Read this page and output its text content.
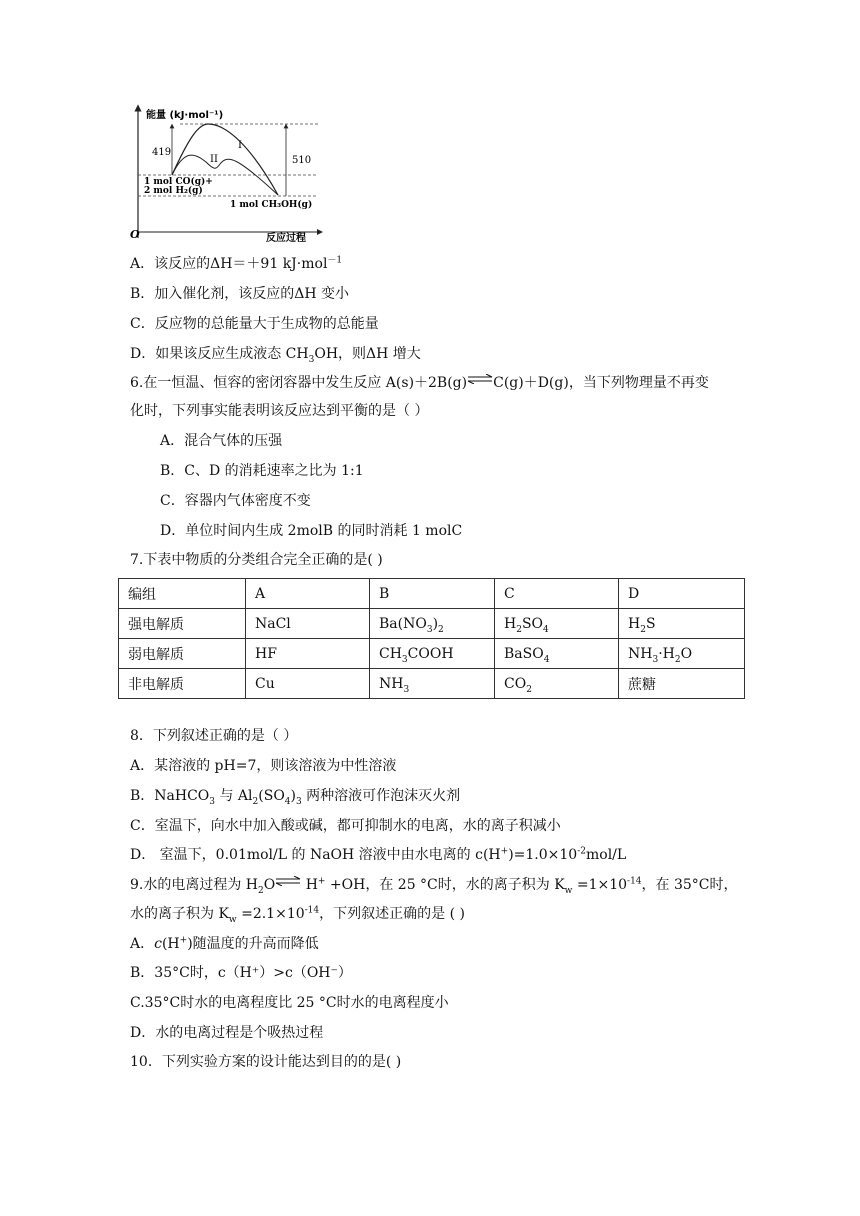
能量 (kJ·mol⁻¹)
O	反应过程
419
510
I
II
1 mol CO(g)+
2 mol H₂(g)
1 mol CH₃OH(g)
A．该反应的ΔH＝＋91 kJ·mol$^{-1}$
B．加入催化剂，该反应的ΔH 变小
C．反应物的总能量大于生成物的总能量
D．如果该反应生成液态 $CH_3OH$，则ΔH 增大
6.在一恒温、恒容的密闭容器中发生反应 A(s)＋2B(g)⇌C(g)＋D(g)，当下列物理量不再变
化时，下列事实能表明该反应达到平衡的是（ ）
A．混合气体的压强
B．C、D 的消耗速率之比为 1:1
C．容器内气体密度不变
D．单位时间内生成 2molB 的同时消耗 1 molC
7.下表中物质的分类组合完全正确的是( )
编组	A	B	C	D
强电解质	NaCl	$Ba(NO_3)_2$	$H_2SO_4$	$H_2S$
弱电解质	HF	$CH_3COOH$	BaSO$_4$	$NH_3\cdot H_2O$
非电解质	Cu	$NH_3$	$CO_2$	蔗糖
8．下列叙述正确的是（ ）
A．某溶液的 pH=7，则该溶液为中性溶液
B．NaHCO$_3$ 与 $Al_2(SO_4)_3$ 两种溶液可作泡沫灭火剂
C．室温下，向水中加入酸或碱，都可抑制水的电离，水的离子积减小
D． 室温下，0.01mol/L 的 NaOH 溶液中由水电离的 $c(H^+)=1.0\times 10^{-2}mol/L$
9.水的电离过程为 $H_2O\rightleftharpoons$ H+ +OH，在 25 °C时，水的离子积为 $K_w =1\times 10^{-14}$，在 35°C时，
水的离子积为 $K_w =2.1\times 10^{-14}$，下列叙述正确的是 ( )
A．c(H+)随温度的升高而降低
B．35°C时，c（H⁺）>c（OH⁻）
C.35°C时水的电离程度比 25 °C时水的电离程度小
D．水的电离过程是个吸热过程
10．下列实验方案的设计能达到目的的是( )
